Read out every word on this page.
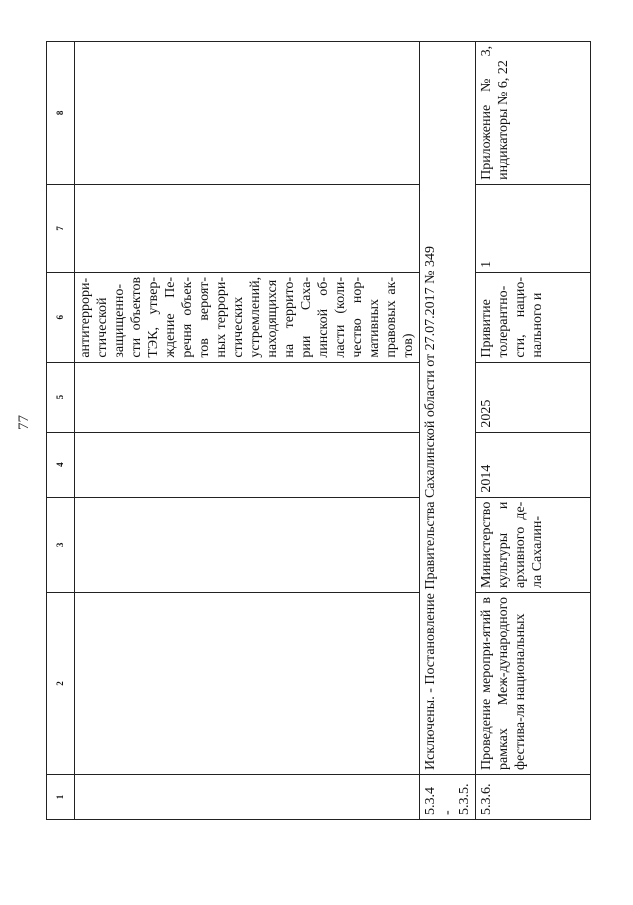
77
1	2	3	4	5	6	7	8
					антитеррори-стической защищенно-сти объектов ТЭК, утвер-ждение Пе-речня объек-тов вероят-ных террори-стических устремлений, находящихся на террито-рии Саха-линской об-ласти (коли-чество нор-мативных правовых ак-тов)		
5.3.4 - 5.3.5.	Исключены. - Постановление Правительства Сахалинской области от 27.07.2017 № 349						
5.3.6.	Проведение меропри-ятий в рамках Меж-дународного фестива-ля национальных	Министерство культуры и архивного де-ла Сахалин-	2014	2025	Привитие толерантно-сти, нацио-нального и	1	Приложение № 3, индикаторы № 6, 22
